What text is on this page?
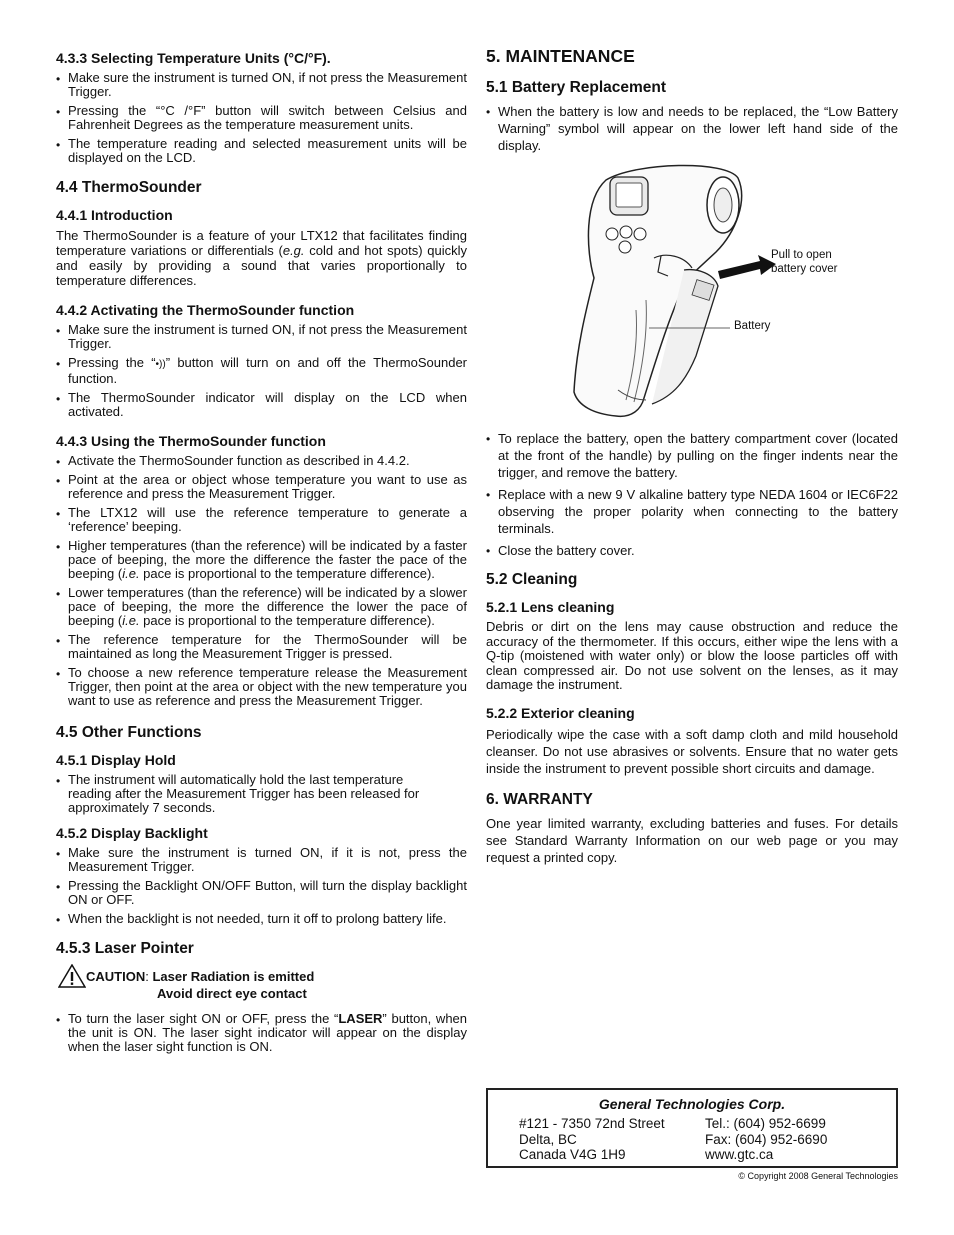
4.3.3 Selecting Temperature Units (°C/°F).
• Make sure the instrument is turned ON, if not press the Measurement Trigger.
• Pressing the “°C /°F” button will switch between Celsius and Fahrenheit Degrees as the temperature measurement units.
• The temperature reading and selected measurement units will be displayed on the LCD.
4.4 ThermoSounder
4.4.1 Introduction

The ThermoSounder is a feature of your LTX12 that facilitates finding temperature variations or differentials (e.g. cold and hot spots) quickly and easily by providing a sound that varies proportionally to temperature differences.

4.4.2 Activating the ThermoSounder function
• Make sure the instrument is turned ON, if not press the Measurement Trigger.
• Pressing the “•))” button will turn on and off the ThermoSounder function.
• The ThermoSounder indicator will display on the LCD when activated.
4.4.3 Using the ThermoSounder function
• Activate the ThermoSounder function as described in 4.4.2.
• Point at the area or object whose temperature you want to use as reference and press the Measurement Trigger.
• The LTX12 will use the reference temperature to generate a ‘reference’ beeping.
• Higher temperatures (than the reference) will be indicated by a faster pace of beeping, the more the difference the faster the pace of the beeping (i.e. pace is proportional to the temperature difference).
• Lower temperatures (than the reference) will be indicated by a slower pace of beeping, the more the difference the lower the pace of beeping (i.e. pace is proportional to the temperature difference).
• The reference temperature for the ThermoSounder will be maintained as long the Measurement Trigger is pressed.
• To choose a new reference temperature release the Measurement Trigger, then point at the area or object with the new temperature you want to use as reference and press the Measurement Trigger.
4.5 Other Functions
4.5.1 Display Hold
• The instrument will automatically hold the last temperature reading after the Measurement Trigger has been released for approximately 7 seconds.
4.5.2 Display Backlight
• Make sure the instrument is turned ON, if it is not, press the Measurement Trigger.
• Pressing the Backlight ON/OFF Button, will turn the display backlight ON or OFF.
• When the backlight is not needed, turn it off to prolong battery life.
4.5.3 Laser Pointer
CAUTION: Laser Radiation is emitted
Avoid direct eye contact
• To turn the laser sight ON or OFF, press the “LASER” button, when the unit is ON. The laser sight indicator will appear on the display when the laser sight function is ON.
5. MAINTENANCE
5.1 Battery Replacement
• When the battery is low and needs to be replaced, the “Low Battery Warning” symbol will appear on the lower left hand side of the display.
Pull to open
battery cover
Battery
• To replace the battery, open the battery compartment cover (located at the front of the handle) by pulling on the finger indents near the trigger, and remove the battery.
• Replace with a new 9 V alkaline battery type NEDA 1604 or IEC6F22 observing the proper polarity when connecting to the battery terminals.
• Close the battery cover.
5.2 Cleaning
5.2.1 Lens cleaning

Debris or dirt on the lens may cause obstruction and reduce the accuracy of the thermometer. If this occurs, either wipe the lens with a Q-tip (moistened with water only) or blow the loose particles off with clean compressed air. Do not use solvent on the lenses, as it may damage the instrument.

5.2.2 Exterior cleaning

Periodically wipe the case with a soft damp cloth and mild household cleanser. Do not use abrasives or solvents. Ensure that no water gets inside the instrument to prevent possible short circuits and damage.

6. WARRANTY

One year limited warranty, excluding batteries and fuses. For details see Standard Warranty Information on our web page or you may request a printed copy.

General Technologies Corp.
#121 - 7350 72nd Street
Delta, BC
Canada V4G 1H9
Tel.: (604) 952-6699
Fax: (604) 952-6690
www.gtc.ca
© Copyright 2008 General Technologies
